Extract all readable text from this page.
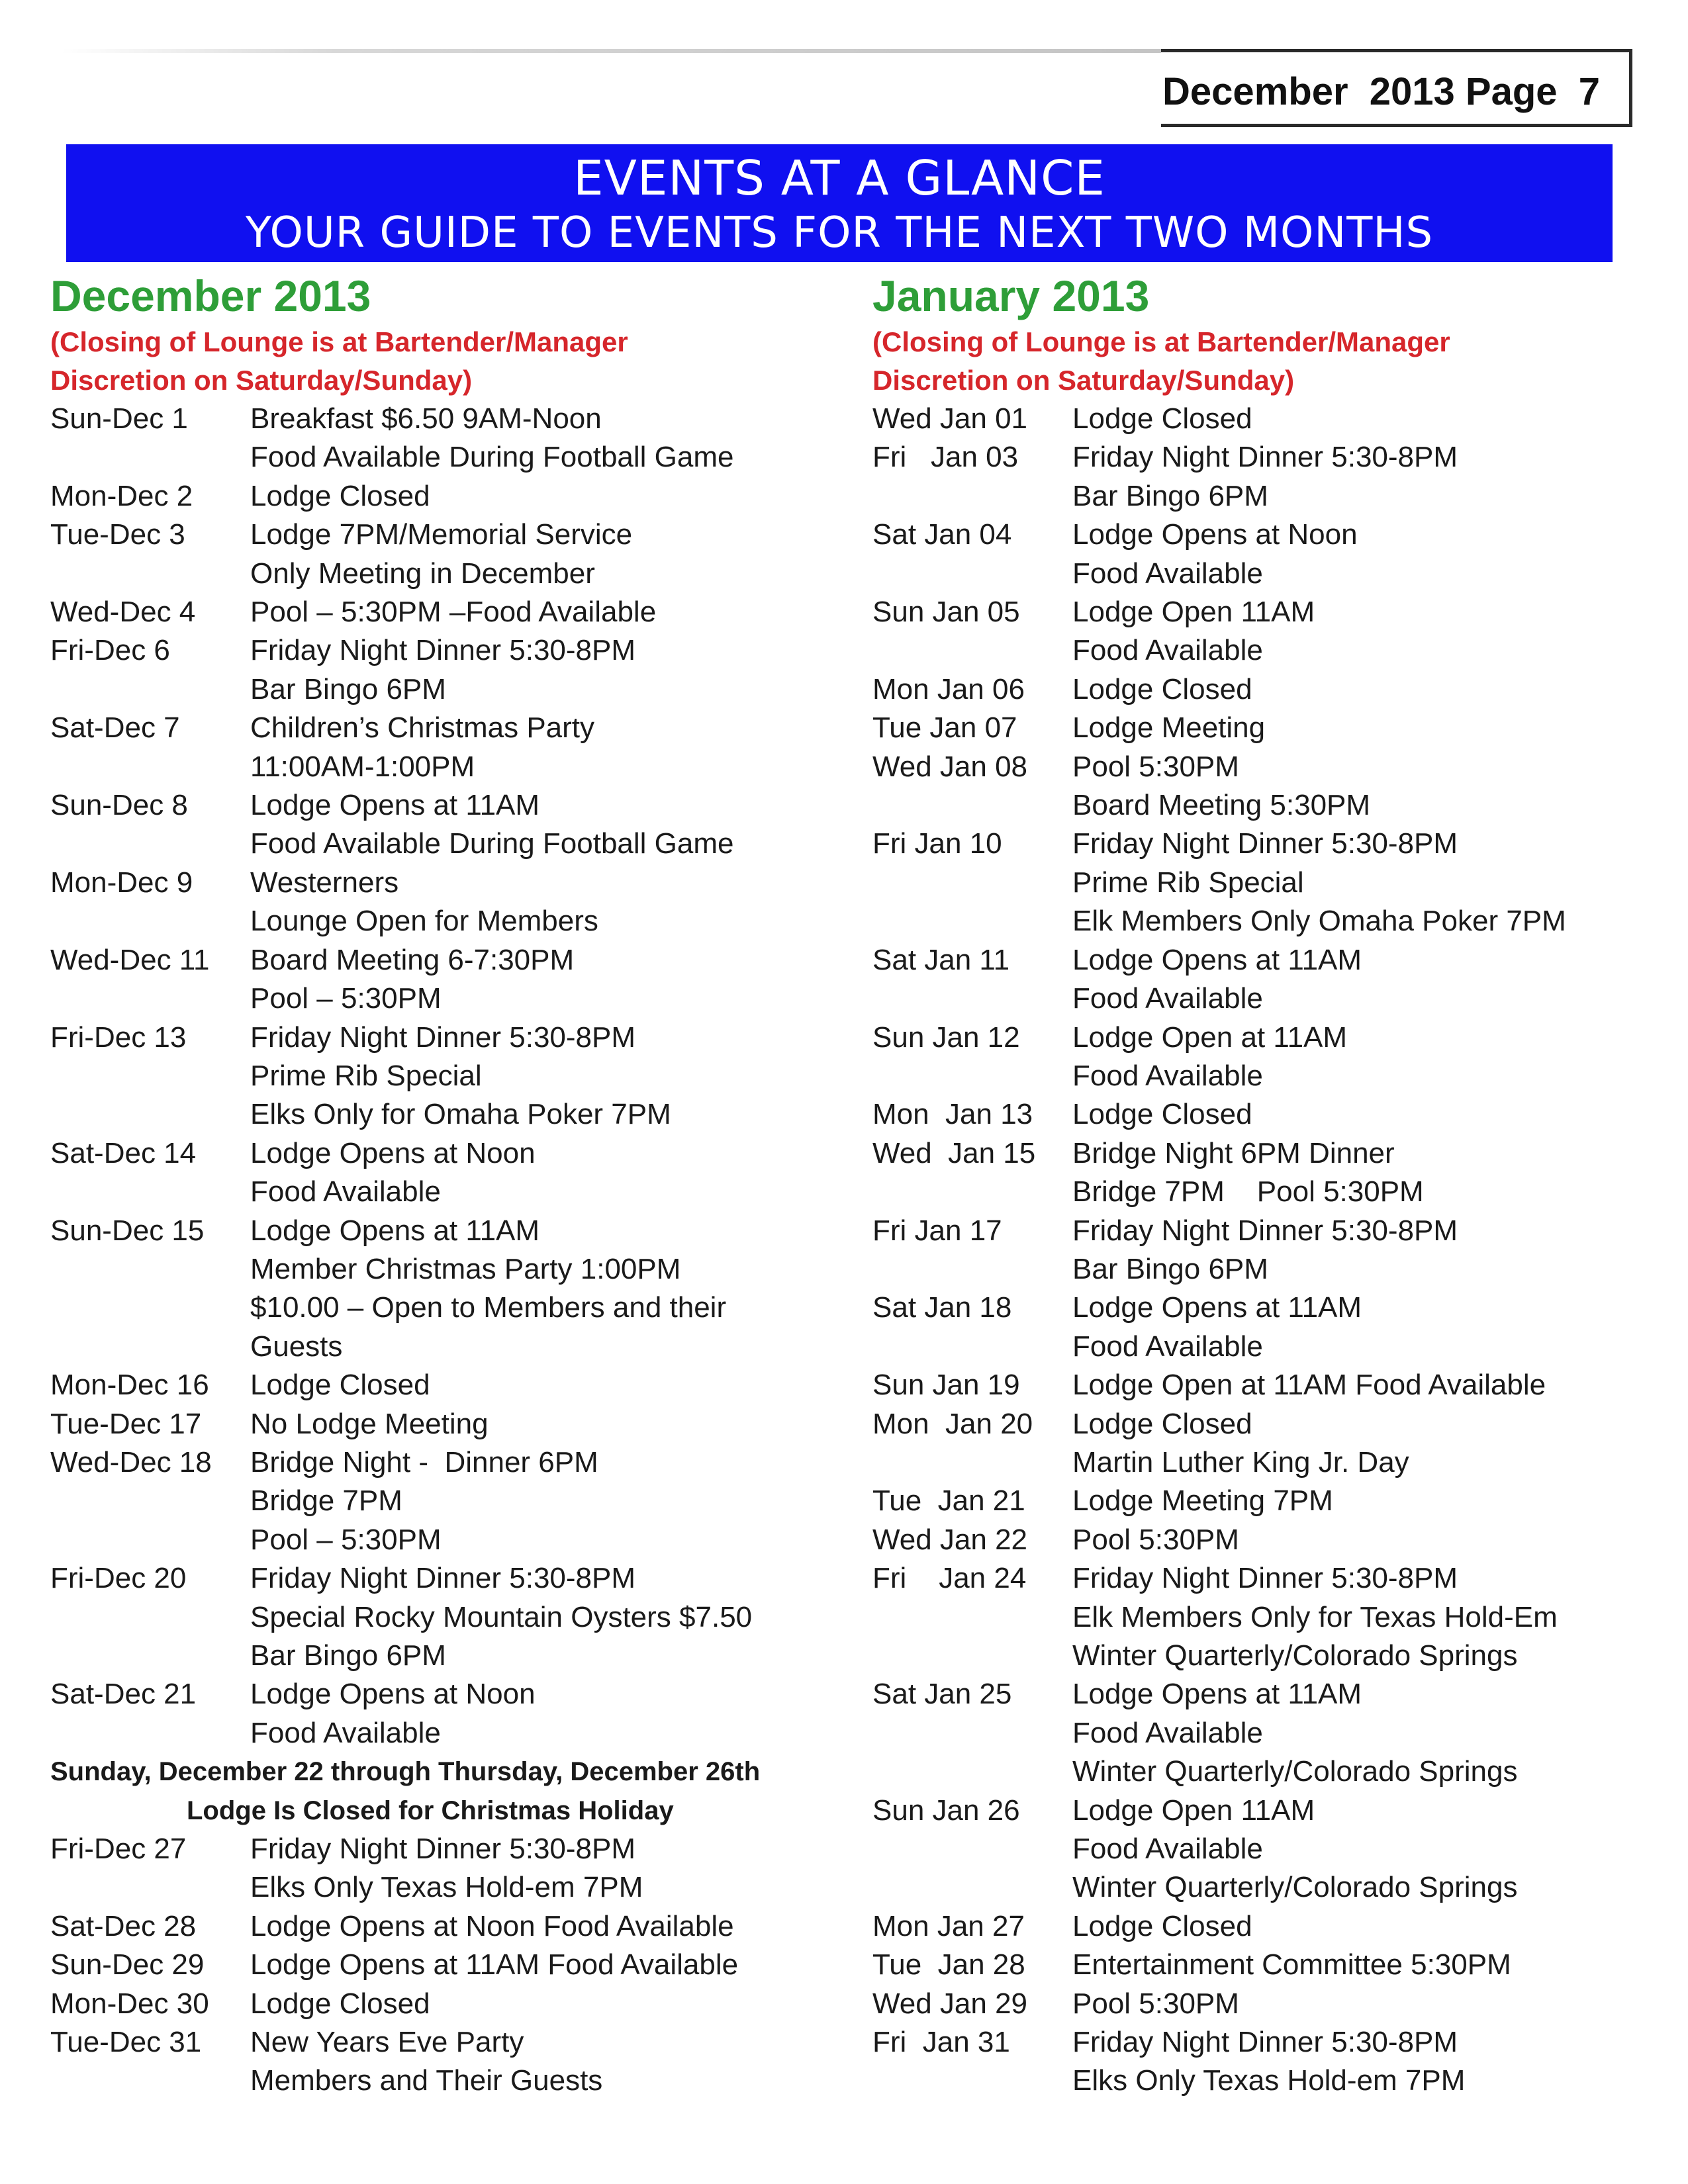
December  2013 Page  7
EVENTS AT A GLANCE
YOUR GUIDE TO EVENTS FOR THE NEXT TWO MONTHS
December 2013
(Closing of Lounge is at Bartender/Manager
Discretion on Saturday/Sunday)
Sun-Dec 1	Breakfast $6.50 9AM-Noon
Food Available During Football Game
Mon-Dec 2	Lodge Closed
Tue-Dec 3	Lodge 7PM/Memorial Service
Only Meeting in December
Wed-Dec 4	Pool – 5:30PM –Food Available
Fri-Dec 6	Friday Night Dinner 5:30-8PM
Bar Bingo 6PM
Sat-Dec 7	Children’s Christmas Party
11:00AM-1:00PM
Sun-Dec 8	Lodge Opens at 11AM
Food Available During Football Game
Mon-Dec 9	Westerners
Lounge Open for Members
Wed-Dec 11	Board Meeting 6-7:30PM
Pool – 5:30PM
Fri-Dec 13	Friday Night Dinner 5:30-8PM
Prime Rib Special
Elks Only for Omaha Poker 7PM
Sat-Dec 14	Lodge Opens at Noon
Food Available
Sun-Dec 15	Lodge Opens at 11AM
Member Christmas Party 1:00PM
$10.00 – Open to Members and their
Guests
Mon-Dec 16	Lodge Closed
Tue-Dec 17	No Lodge Meeting
Wed-Dec 18	Bridge Night -  Dinner 6PM
Bridge 7PM
Pool – 5:30PM
Fri-Dec 20	Friday Night Dinner 5:30-8PM
Special Rocky Mountain Oysters $7.50
Bar Bingo 6PM
Sat-Dec 21	Lodge Opens at Noon
Food Available
Sunday, December 22 through Thursday, December 26th
Lodge Is Closed for Christmas Holiday
Fri-Dec 27	Friday Night Dinner 5:30-8PM
Elks Only Texas Hold-em 7PM
Sat-Dec 28	Lodge Opens at Noon Food Available
Sun-Dec 29	Lodge Opens at 11AM Food Available
Mon-Dec 30	Lodge Closed
Tue-Dec 31	New Years Eve Party
Members and Their Guests
January 2013
(Closing of Lounge is at Bartender/Manager
Discretion on Saturday/Sunday)
Wed Jan 01	Lodge Closed
Fri   Jan 03	Friday Night Dinner 5:30-8PM
Bar Bingo 6PM
Sat Jan 04	Lodge Opens at Noon
Food Available
Sun Jan 05	Lodge Open 11AM
Food Available
Mon Jan 06	Lodge Closed
Tue Jan 07	Lodge Meeting
Wed Jan 08	Pool 5:30PM
Board Meeting 5:30PM
Fri Jan 10	Friday Night Dinner 5:30-8PM
Prime Rib Special
Elk Members Only Omaha Poker 7PM
Sat Jan 11	Lodge Opens at 11AM
Food Available
Sun Jan 12	Lodge Open at 11AM
Food Available
Mon  Jan 13	Lodge Closed
Wed  Jan 15	Bridge Night 6PM Dinner
Bridge 7PM    Pool 5:30PM
Fri Jan 17	Friday Night Dinner 5:30-8PM
Bar Bingo 6PM
Sat Jan 18	Lodge Opens at 11AM
Food Available
Sun Jan 19	Lodge Open at 11AM Food Available
Mon  Jan 20	Lodge Closed
Martin Luther King Jr. Day
Tue  Jan 21	Lodge Meeting 7PM
Wed Jan 22	Pool 5:30PM
Fri    Jan 24	Friday Night Dinner 5:30-8PM
Elk Members Only for Texas Hold-Em
Winter Quarterly/Colorado Springs
Sat Jan 25	Lodge Opens at 11AM
Food Available
Winter Quarterly/Colorado Springs
Sun Jan 26	Lodge Open 11AM
Food Available
Winter Quarterly/Colorado Springs
Mon Jan 27	Lodge Closed
Tue  Jan 28	Entertainment Committee 5:30PM
Wed Jan 29	Pool 5:30PM
Fri  Jan 31	Friday Night Dinner 5:30-8PM
Elks Only Texas Hold-em 7PM
